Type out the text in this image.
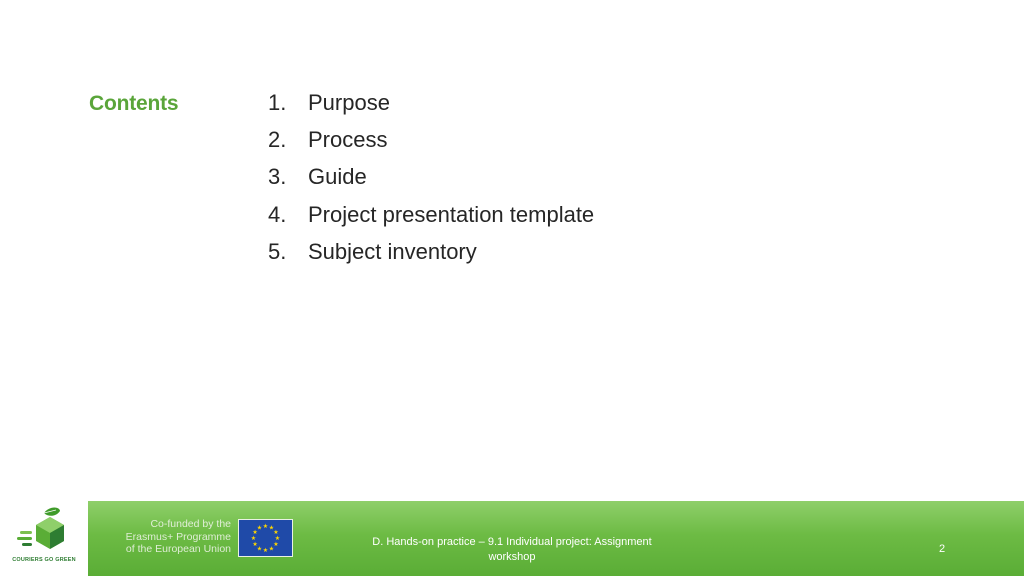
Contents	1. Purpose
2. Process
3. Guide
4. Project presentation template
5. Subject inventory
COURIERS GO GREEN
Co-funded by the
Erasmus+ Programme
of the European Union
★ ★
★
★
★
★
★
★
★
★
★
★
D. Hands-on practice – 9.1 Individual project: Assignment workshop
2
